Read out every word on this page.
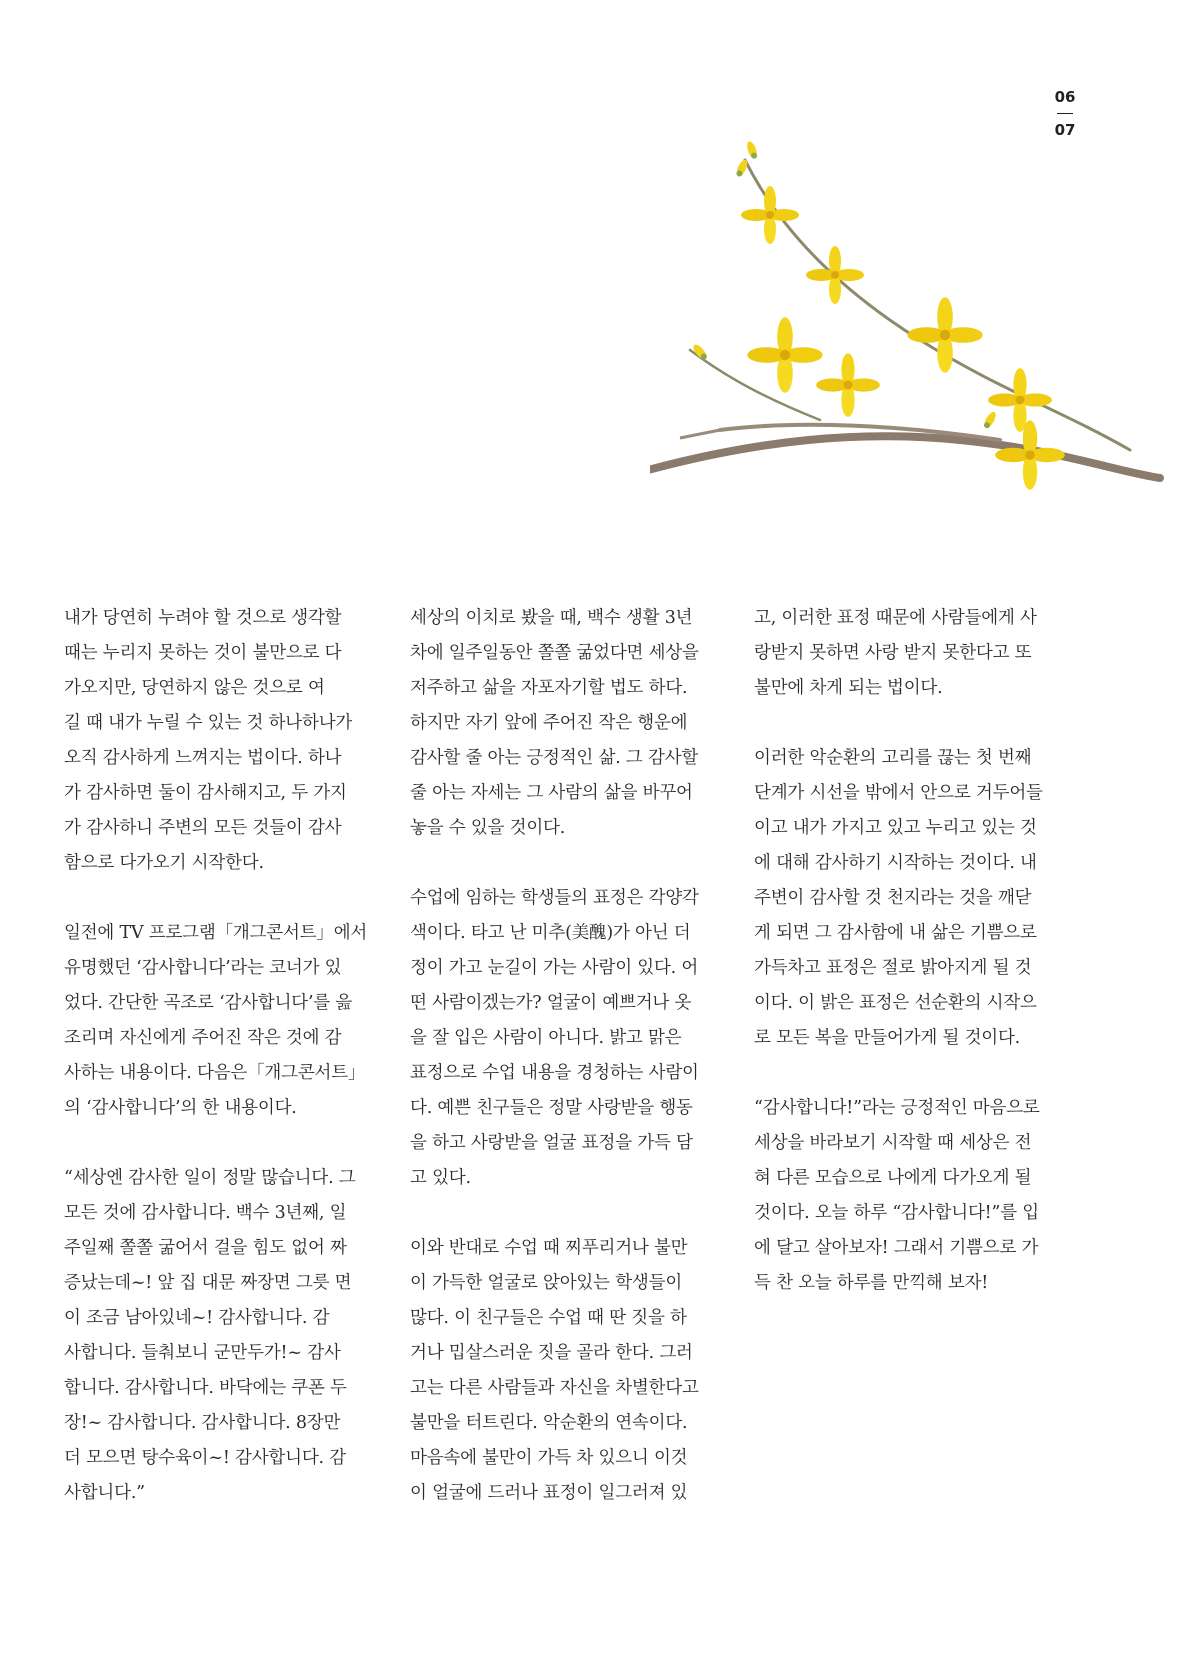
06
07
내가 당연히 누려야 할 것으로 생각할
때는 누리지 못하는 것이 불만으로 다
가오지만, 당연하지 않은 것으로 여
길 때 내가 누릴 수 있는 것 하나하나가
오직 감사하게 느껴지는 법이다. 하나
가 감사하면 둘이 감사해지고, 두 가지
가 감사하니 주변의 모든 것들이 감사
함으로 다가오기 시작한다.
일전에 TV 프로그램「개그콘서트」에서
유명했던 ‘감사합니다’라는 코너가 있
었다. 간단한 곡조로 ‘감사합니다’를 읊
조리며 자신에게 주어진 작은 것에 감
사하는 내용이다. 다음은「개그콘서트」
의 ‘감사합니다’의 한 내용이다.
“세상엔 감사한 일이 정말 많습니다. 그
모든 것에 감사합니다. 백수 3년째, 일
주일째 쫄쫄 굶어서 걸을 힘도 없어 짜
증났는데~! 앞 집 대문 짜장면 그릇 면
이 조금 남아있네~! 감사합니다. 감
사합니다. 들춰보니 군만두가!~ 감사
합니다. 감사합니다. 바닥에는 쿠폰 두
장!~ 감사합니다. 감사합니다. 8장만
더 모으면 탕수육이~! 감사합니다. 감
사합니다.”
세상의 이치로 봤을 때, 백수 생활 3년
차에 일주일동안 쫄쫄 굶었다면 세상을
저주하고 삶을 자포자기할 법도 하다.
하지만 자기 앞에 주어진 작은 행운에
감사할 줄 아는 긍정적인 삶. 그 감사할
줄 아는 자세는 그 사람의 삶을 바꾸어
놓을 수 있을 것이다.
수업에 임하는 학생들의 표정은 각양각
색이다. 타고 난 미추(美醜)가 아닌 더
정이 가고 눈길이 가는 사람이 있다. 어
떤 사람이겠는가? 얼굴이 예쁘거나 옷
을 잘 입은 사람이 아니다. 밝고 맑은
표정으로 수업 내용을 경청하는 사람이
다. 예쁜 친구들은 정말 사랑받을 행동
을 하고 사랑받을 얼굴 표정을 가득 담
고 있다.
이와 반대로 수업 때 찌푸리거나 불만
이 가득한 얼굴로 앉아있는 학생들이
많다. 이 친구들은 수업 때 딴 짓을 하
거나 밉살스러운 짓을 골라 한다. 그러
고는 다른 사람들과 자신을 차별한다고
불만을 터트린다. 악순환의 연속이다.
마음속에 불만이 가득 차 있으니 이것
이 얼굴에 드러나 표정이 일그러져 있
고, 이러한 표정 때문에 사람들에게 사
랑받지 못하면 사랑 받지 못한다고 또
불만에 차게 되는 법이다.
이러한 악순환의 고리를 끊는 첫 번째
단계가 시선을 밖에서 안으로 거두어들
이고 내가 가지고 있고 누리고 있는 것
에 대해 감사하기 시작하는 것이다. 내
주변이 감사할 것 천지라는 것을 깨닫
게 되면 그 감사함에 내 삶은 기쁨으로
가득차고 표정은 절로 밝아지게 될 것
이다. 이 밝은 표정은 선순환의 시작으
로 모든 복을 만들어가게 될 것이다.
“감사합니다!”라는 긍정적인 마음으로
세상을 바라보기 시작할 때 세상은 전
혀 다른 모습으로 나에게 다가오게 될
것이다. 오늘 하루 “감사합니다!”를 입
에 달고 살아보자! 그래서 기쁨으로 가
득 찬 오늘 하루를 만끽해 보자!
